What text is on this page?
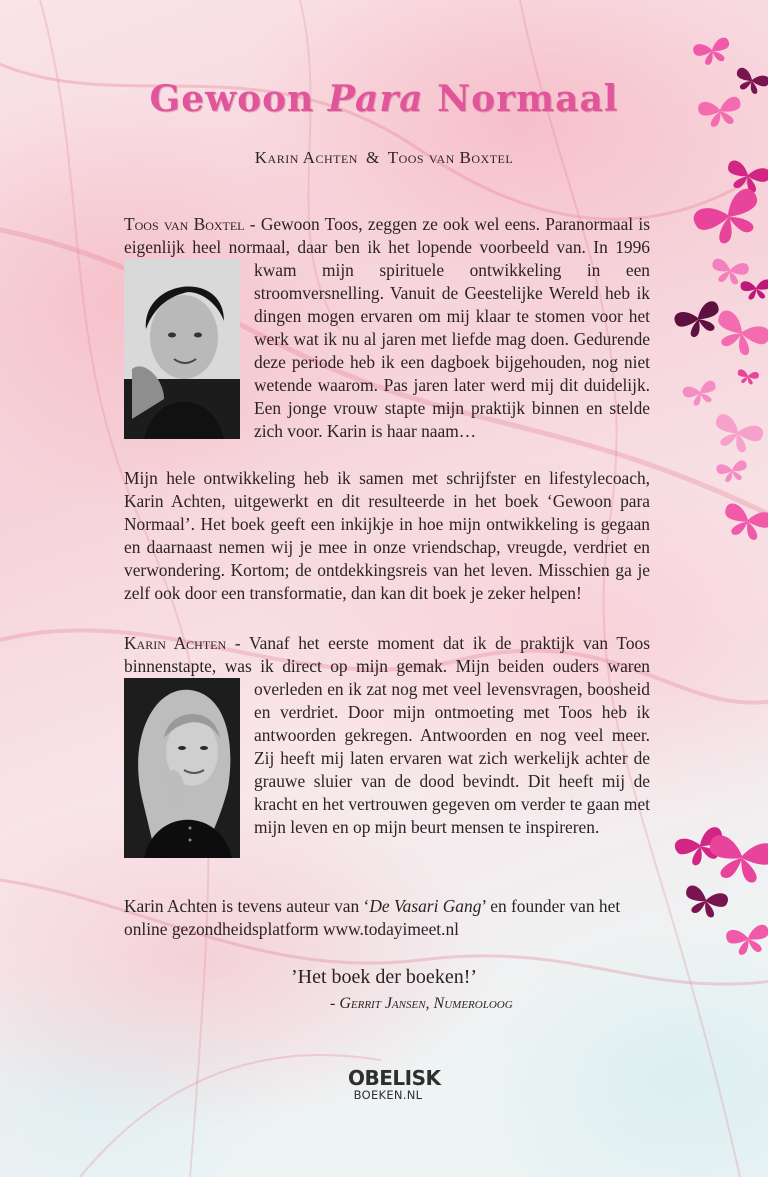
Gewoon Para Normaal
Karin Achten & Toos van Boxtel

Toos van Boxtel - Gewoon Toos, zeggen ze ook wel eens. Paranormaal is eigenlijk heel normaal, daar ben ik het lopende voorbeeld van. In 1996 kwam mijn spirituele ontwikkeling in een stroomversnelling. Vanuit de Geestelijke Wereld heb ik dingen mogen ervaren om mij klaar te stomen voor het werk wat ik nu al jaren met liefde mag doen. Gedurende deze periode heb ik een dagboek bijgehouden, nog niet wetende waarom. Pas jaren later werd mij dit duidelijk. Een jonge vrouw stapte mijn praktijk binnen en stelde zich voor. Karin is haar naam…

Mijn hele ontwikkeling heb ik samen met schrijfster en lifestylecoach, Karin Achten, uitgewerkt en dit resulteerde in het boek ‘Gewoon para Normaal’. Het boek geeft een inkijkje in hoe mijn ontwikkeling is gegaan en daarnaast nemen wij je mee in onze vriendschap, vreugde, verdriet en verwondering. Kortom; de ontdekkingsreis van het leven. Misschien ga je zelf ook door een transformatie, dan kan dit boek je zeker helpen!

Karin Achten - Vanaf het eerste moment dat ik de praktijk van Toos binnenstapte, was ik direct op mijn gemak. Mijn beiden ouders waren overleden en ik zat nog met veel levensvragen, boosheid en verdriet. Door mijn ontmoeting met Toos heb ik antwoorden gekregen. Antwoorden en nog veel meer. Zij heeft mij laten ervaren wat zich werkelijk achter de grauwe sluier van de dood bevindt. Dit heeft mij de kracht en het vertrouwen gegeven om verder te gaan met mijn leven en op mijn beurt mensen te inspireren.

Karin Achten is tevens auteur van ‘De Vasari Gang’ en founder van het online gezondheidsplatform www.todayimeet.nl

’Het boek der boeken!’
- Gerrit Jansen, Numeroloog
OBELISK
BOEKEN.NL
